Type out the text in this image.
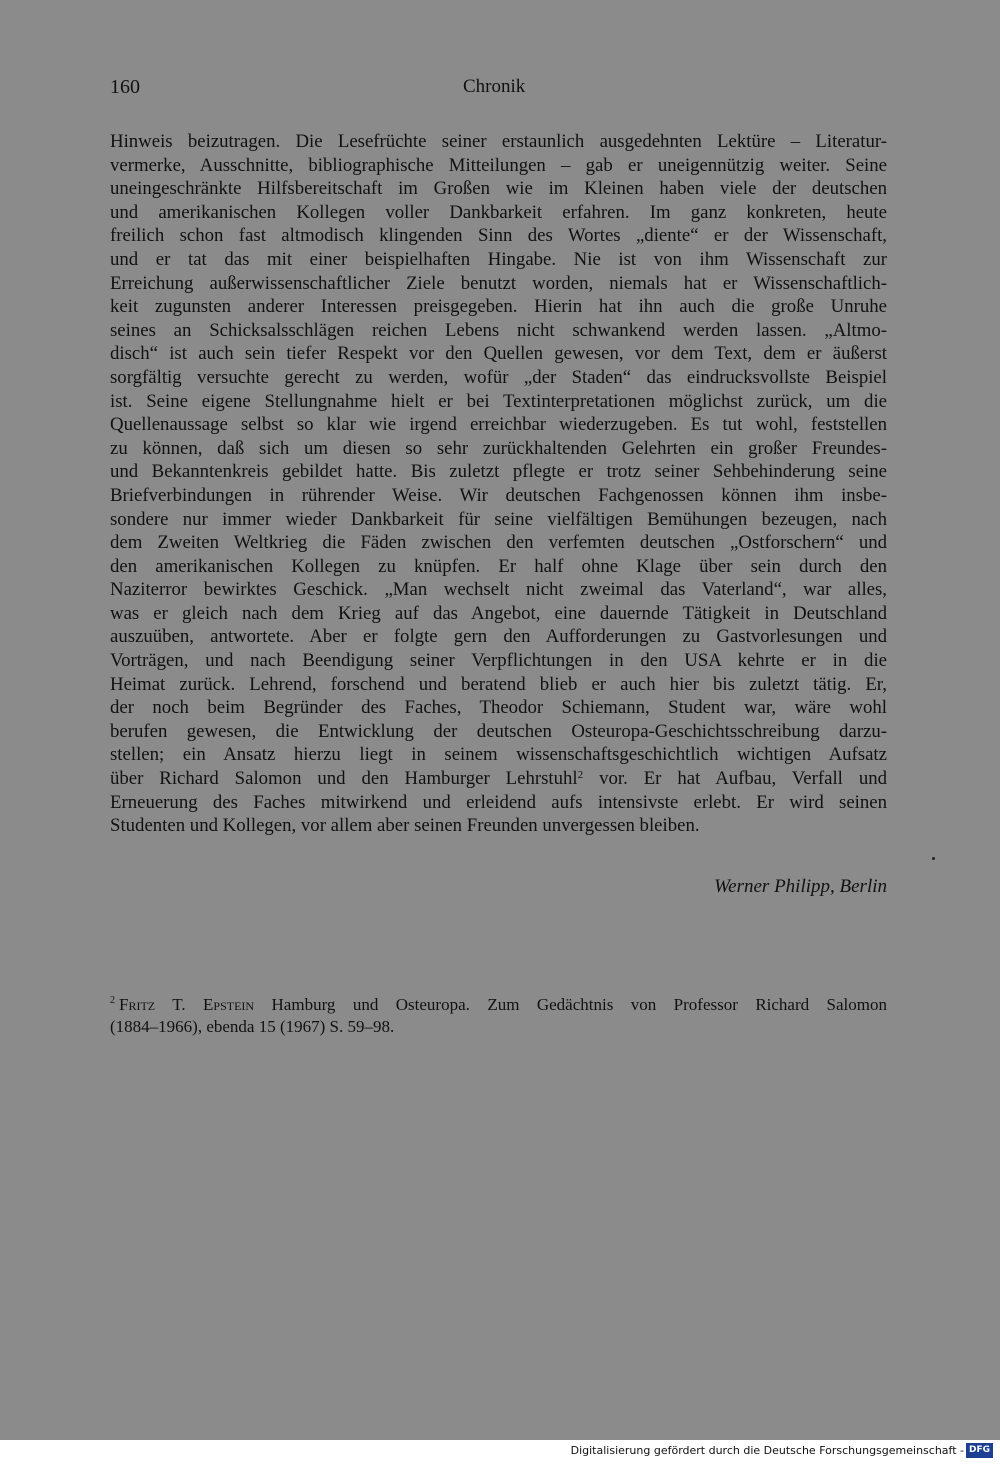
160	Chronik
Hinweis beizutragen. Die Lesefrüchte seiner erstaunlich ausgedehnten Lektüre – Literatur-
vermerke, Ausschnitte, bibliographische Mitteilungen – gab er uneigennützig weiter. Seine
uneingeschränkte Hilfsbereitschaft im Großen wie im Kleinen haben viele der deutschen
und amerikanischen Kollegen voller Dankbarkeit erfahren. Im ganz konkreten, heute
freilich schon fast altmodisch klingenden Sinn des Wortes „diente“ er der Wissenschaft,
und er tat das mit einer beispielhaften Hingabe. Nie ist von ihm Wissenschaft zur
Erreichung außerwissenschaftlicher Ziele benutzt worden, niemals hat er Wissenschaftlich-
keit zugunsten anderer Interessen preisgegeben. Hierin hat ihn auch die große Unruhe
seines an Schicksalsschlägen reichen Lebens nicht schwankend werden lassen. „Altmo-
disch“ ist auch sein tiefer Respekt vor den Quellen gewesen, vor dem Text, dem er äußerst
sorgfältig versuchte gerecht zu werden, wofür „der Staden“ das eindrucksvollste Beispiel
ist. Seine eigene Stellungnahme hielt er bei Textinterpretationen möglichst zurück, um die
Quellenaussage selbst so klar wie irgend erreichbar wiederzugeben. Es tut wohl, feststellen
zu können, daß sich um diesen so sehr zurückhaltenden Gelehrten ein großer Freundes-
und Bekanntenkreis gebildet hatte. Bis zuletzt pflegte er trotz seiner Sehbehinderung seine
Briefverbindungen in rührender Weise. Wir deutschen Fachgenossen können ihm insbe-
sondere nur immer wieder Dankbarkeit für seine vielfältigen Bemühungen bezeugen, nach
dem Zweiten Weltkrieg die Fäden zwischen den verfemten deutschen „Ostforschern“ und
den amerikanischen Kollegen zu knüpfen. Er half ohne Klage über sein durch den
Naziterror bewirktes Geschick. „Man wechselt nicht zweimal das Vaterland“, war alles,
was er gleich nach dem Krieg auf das Angebot, eine dauernde Tätigkeit in Deutschland
auszuüben, antwortete. Aber er folgte gern den Aufforderungen zu Gastvorlesungen und
Vorträgen, und nach Beendigung seiner Verpflichtungen in den USA kehrte er in die
Heimat zurück. Lehrend, forschend und beratend blieb er auch hier bis zuletzt tätig. Er,
der noch beim Begründer des Faches, Theodor Schiemann, Student war, wäre wohl
berufen gewesen, die Entwicklung der deutschen Osteuropa-Geschichtsschreibung darzu-
stellen; ein Ansatz hierzu liegt in seinem wissenschaftsgeschichtlich wichtigen Aufsatz
über Richard Salomon und den Hamburger Lehrstuhl$^2$ vor. Er hat Aufbau, Verfall und
Erneuerung des Faches mitwirkend und erleidend aufs intensivste erlebt. Er wird seinen
Studenten und Kollegen, vor allem aber seinen Freunden unvergessen bleiben.
Werner Philipp, Berlin
$^2$ Fritz T. Epstein Hamburg und Osteuropa. Zum Gedächtnis von Professor Richard Salomon
(1884–1966), ebenda 15 (1967) S. 59–98.
Digitalisierung gefördert durch die Deutsche Forschungsgemeinschaft - DFG
